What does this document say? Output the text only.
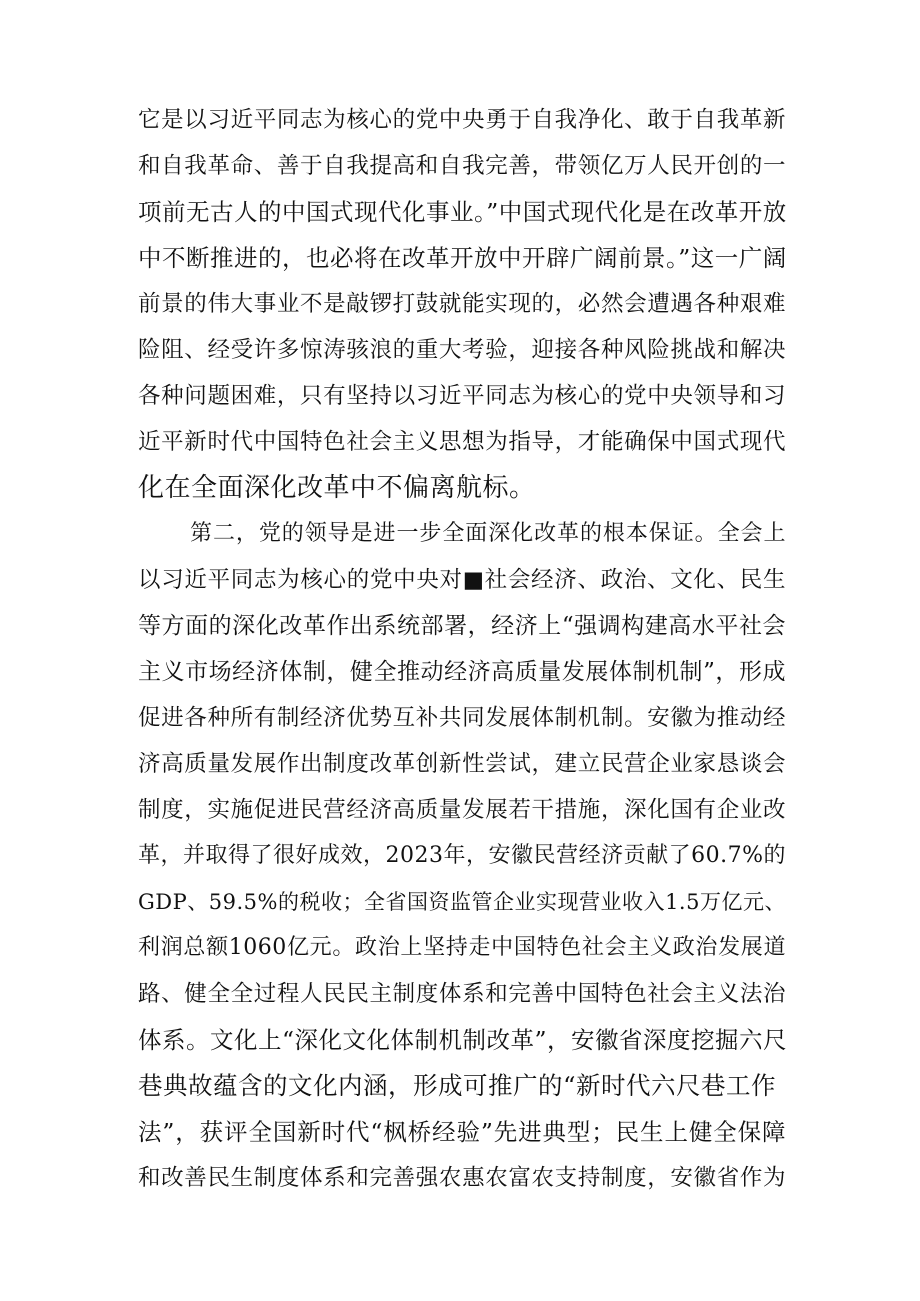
它是以习近平同志为核心的党中央勇于自我净化、敢于自我革新
和自我革命、善于自我提高和自我完善，带领亿万人民开创的一
项前无古人的中国式现代化事业。”中国式现代化是在改革开放
中不断推进的，也必将在改革开放中开辟广阔前景。”这一广阔
前景的伟大事业不是敲锣打鼓就能实现的，必然会遭遇各种艰难
险阻、经受许多惊涛骇浪的重大考验，迎接各种风险挑战和解决
各种问题困难，只有坚持以习近平同志为核心的党中央领导和习
近平新时代中国特色社会主义思想为指导，才能确保中国式现代
化在全面深化改革中不偏离航标。
第二，党的领导是进一步全面深化改革的根本保证。全会上
以习近平同志为核心的党中央对■社会经济、政治、文化、民生
等方面的深化改革作出系统部署，经济上“强调构建高水平社会
主义市场经济体制，健全推动经济高质量发展体制机制”，形成
促进各种所有制经济优势互补共同发展体制机制。安徽为推动经
济高质量发展作出制度改革创新性尝试，建立民营企业家恳谈会
制度，实施促进民营经济高质量发展若干措施，深化国有企业改
革，并取得了很好成效，2023年，安徽民营经济贡献了60.7%的
GDP、59.5%的税收；全省国资监管企业实现营业收入1.5万亿元、
利润总额1060亿元。政治上坚持走中国特色社会主义政治发展道
路、健全全过程人民民主制度体系和完善中国特色社会主义法治
体系。文化上“深化文化体制机制改革”，安徽省深度挖掘六尺
巷典故蕴含的文化内涵，形成可推广的“新时代六尺巷工作
法”，获评全国新时代“枫桥经验”先进典型；民生上健全保障
和改善民生制度体系和完善强农惠农富农支持制度，安徽省作为
